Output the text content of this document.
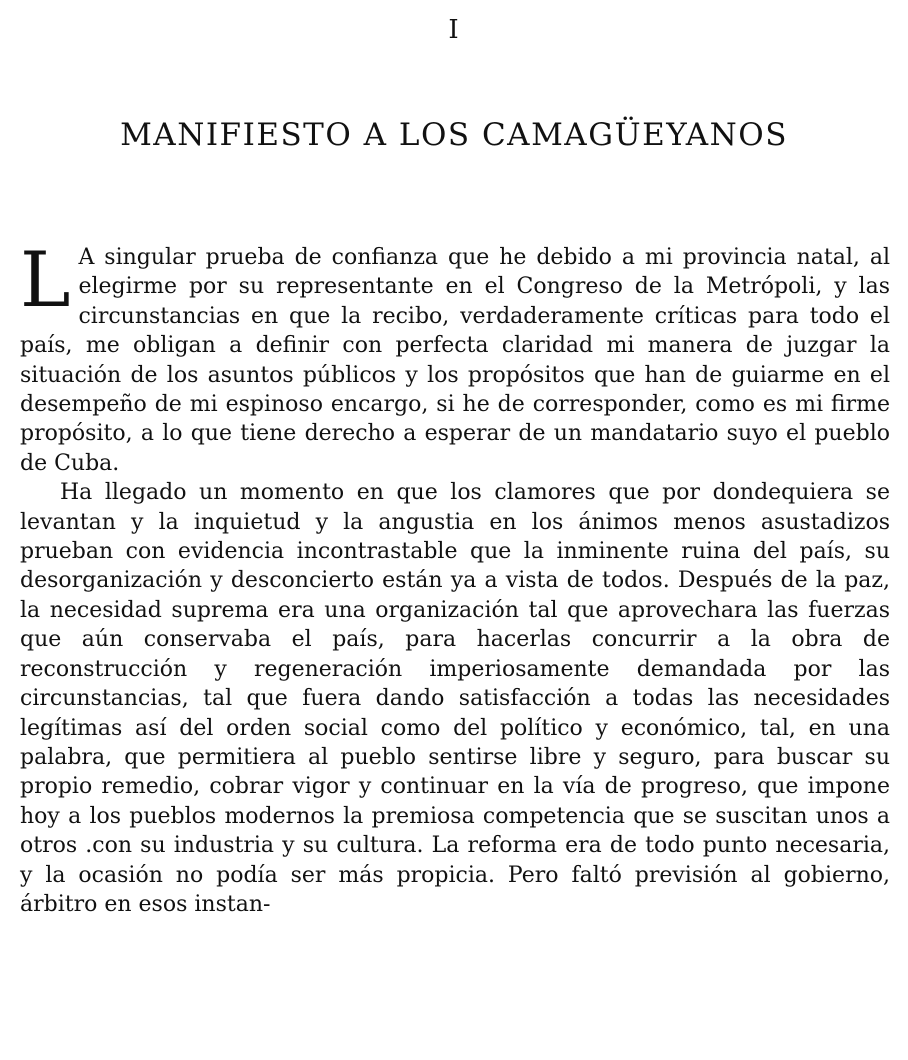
I
MANIFIESTO A LOS CAMAGÜEYANOS

L A singular prueba de confianza que he debido a mi provincia natal, al elegirme por su representante en el Congreso de la Metrópoli, y las circunstancias en que la recibo, verdaderamente críticas para todo el país, me obligan a definir con perfecta claridad mi manera de juzgar la situación de los asuntos públicos y los propósitos que han de guiarme en el desempeño de mi espinoso encargo, si he de corresponder, como es mi firme propósito, a lo que tiene derecho a esperar de un mandatario suyo el pueblo de Cuba.

Ha llegado un momento en que los clamores que por dondequiera se levantan y la inquietud y la angustia en los ánimos menos asustadizos prueban con evidencia incontrastable que la inminente ruina del país, su desorganización y desconcierto están ya a vista de todos. Después de la paz, la necesidad suprema era una organización tal que aprovechara las fuerzas que aún conservaba el país, para hacerlas concurrir a la obra de reconstrucción y regeneración imperiosamente demandada por las circunstancias, tal que fuera dando satisfacción a todas las necesidades legítimas así del orden social como del político y económico, tal, en una palabra, que permitiera al pueblo sentirse libre y seguro, para buscar su propio remedio, cobrar vigor y continuar en la vía de progreso, que impone hoy a los pueblos modernos la premiosa competencia que se suscitan unos a otros .con su industria y su cultura. La reforma era de todo punto necesaria, y la ocasión no podía ser más propicia. Pero faltó previsión al gobierno, árbitro en esos instan-
